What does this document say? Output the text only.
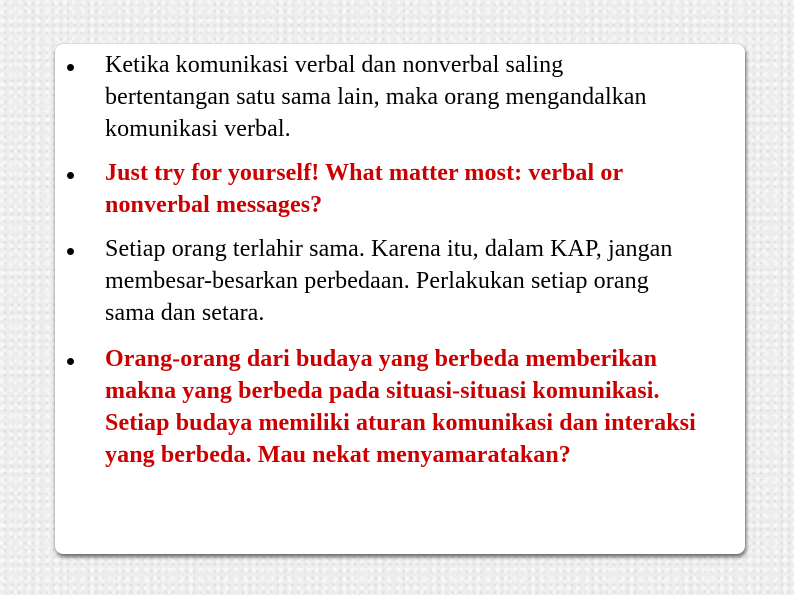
Ketika komunikasi verbal dan nonverbal saling bertentangan satu sama lain, maka orang mengandalkan komunikasi verbal.

Just try for yourself! What matter most: verbal or nonverbal messages?

Setiap orang terlahir sama. Karena itu, dalam KAP, jangan membesar-besarkan perbedaan. Perlakukan setiap orang sama dan setara.

Orang-orang dari budaya yang berbeda memberikan makna yang berbeda pada situasi-situasi komunikasi. Setiap budaya memiliki aturan komunikasi dan interaksi yang berbeda. Mau nekat menyamaratakan?
